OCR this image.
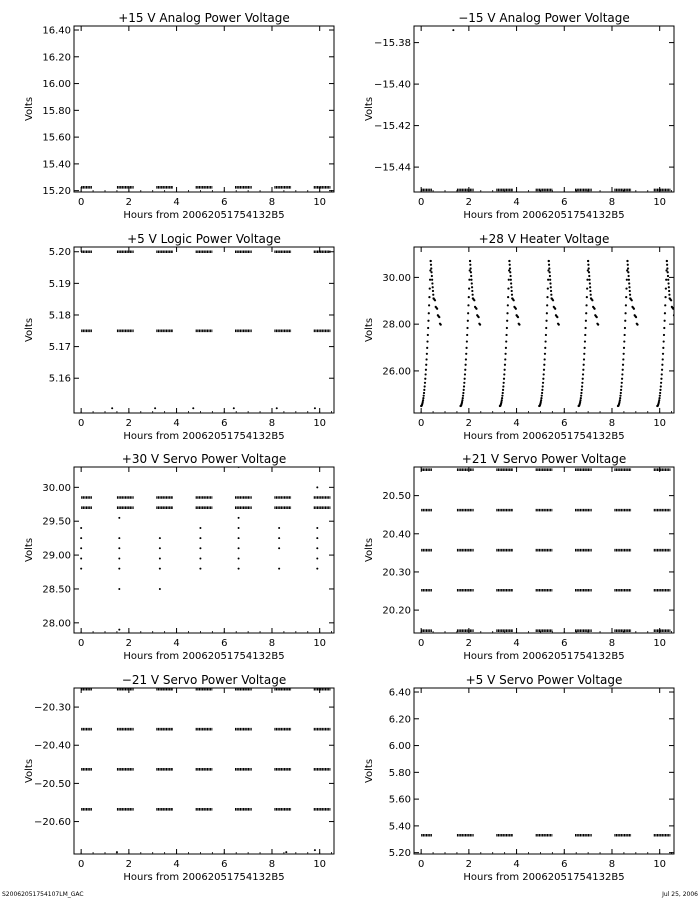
+15 V Analog Power Voltage
0	2	4	6	8	10
15.20
15.40
15.60
15.80
16.00
16.20
16.40
Hours from 20062051754132B5
Volts
−15 V Analog Power Voltage
0	2	4	6	8	10
−15.44
−15.42
−15.40
−15.38
Hours from 20062051754132B5
Volts
+5 V Logic Power Voltage
0	2	4	6	8	10
5.16
5.17
5.18
5.19
5.20
Hours from 20062051754132B5
Volts
+28 V Heater Voltage
0	2	4	6	8	10
26.00
28.00
30.00
Hours from 20062051754132B5
Volts
+30 V Servo Power Voltage
0	2	4	6	8	10
28.00
28.50
29.00
29.50
30.00
Hours from 20062051754132B5
Volts
+21 V Servo Power Voltage
0	2	4	6	8	10
20.20
20.30
20.40
20.50
Hours from 20062051754132B5
Volts
−21 V Servo Power Voltage
0	2	4	6	8	10
−20.60
−20.50
−20.40
−20.30
Hours from 20062051754132B5
Volts
+5 V Servo Power Voltage
0	2	4	6	8	10
5.20
5.40
5.60
5.80
6.00
6.20
6.40
Hours from 20062051754132B5
Volts
S20062051754107LM_GAC	Jul 25, 2006
